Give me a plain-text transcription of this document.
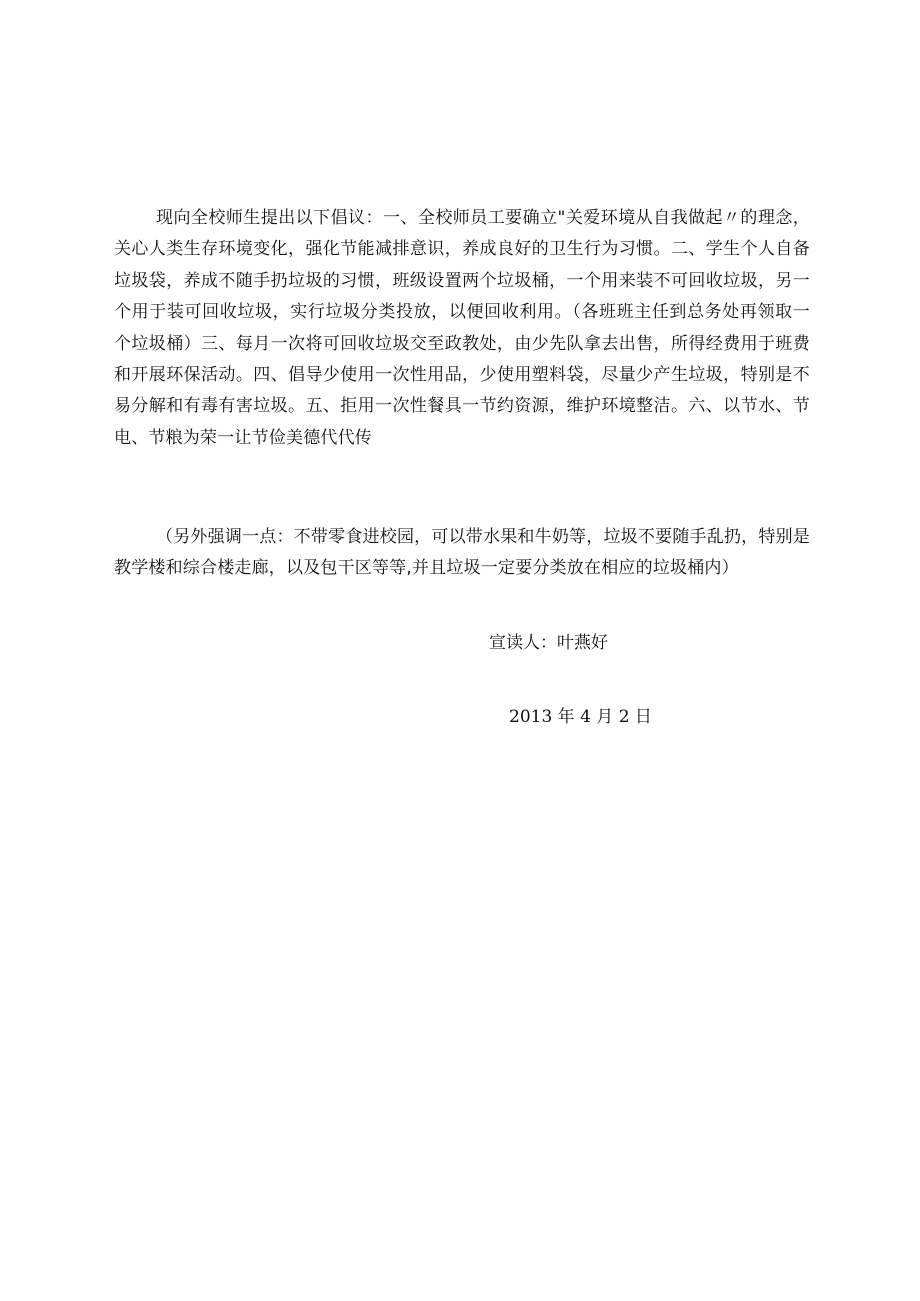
现向全校师生提出以下倡议：一、全校师员工要确立"关爱环境从自我做起〃的理念，关心人类生存环境变化，强化节能减排意识，养成良好的卫生行为习惯。二、学生个人自备垃圾袋，养成不随手扔垃圾的习惯，班级设置两个垃圾桶，一个用来装不可回收垃圾，另一个用于装可回收垃圾，实行垃圾分类投放，以便回收利用。（各班班主任到总务处再领取一个垃圾桶）三、每月一次将可回收垃圾交至政教处，由少先队拿去出售，所得经费用于班费和开展环保活动。四、倡导少使用一次性用品，少使用塑料袋，尽量少产生垃圾，特别是不易分解和有毒有害垃圾。五、拒用一次性餐具一节约资源，维护环境整洁。六、以节水、节电、节粮为荣一让节俭美德代代传

（另外强调一点：不带零食进校园，可以带水果和牛奶等，垃圾不要随手乱扔，特别是教学楼和综合楼走廊，以及包干区等等,并且垃圾一定要分类放在相应的垃圾桶内）

宣读人：叶燕好

2013 年 4 月 2 日
